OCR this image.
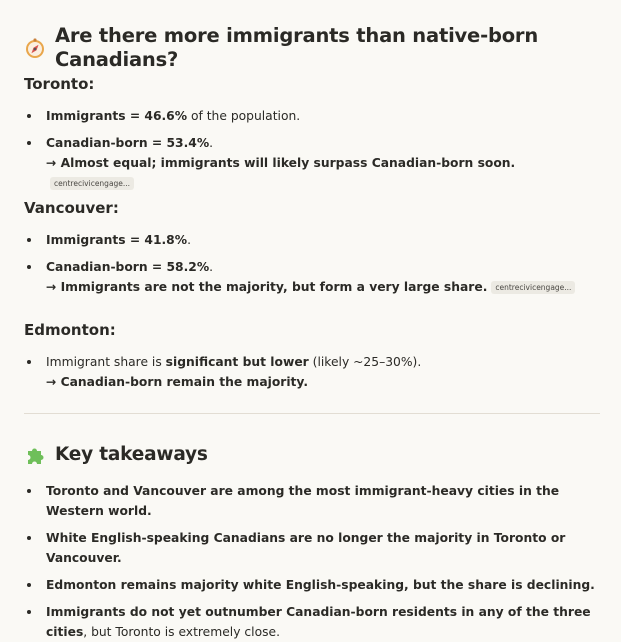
Are there more immigrants than native-born Canadians?
Toronto:
Immigrants = 46.6% of the population.
Canadian-born = 53.4%.
→ Almost equal; immigrants will likely surpass Canadian-born soon.centrecivicengage...
Vancouver:
Immigrants = 41.8%.
Canadian-born = 58.2%.
→ Immigrants are not the majority, but form a very large share. centrecivicengage...
Edmonton:
Immigrant share is significant but lower (likely ~25–30%).
→ Canadian-born remain the majority.
Key takeaways
Toronto and Vancouver are among the most immigrant-heavy cities in the Western world.
White English-speaking Canadians are no longer the majority in Toronto or Vancouver.
Edmonton remains majority white English-speaking, but the share is declining.
Immigrants do not yet outnumber Canadian-born residents in any of the three cities, but Toronto is extremely close.
